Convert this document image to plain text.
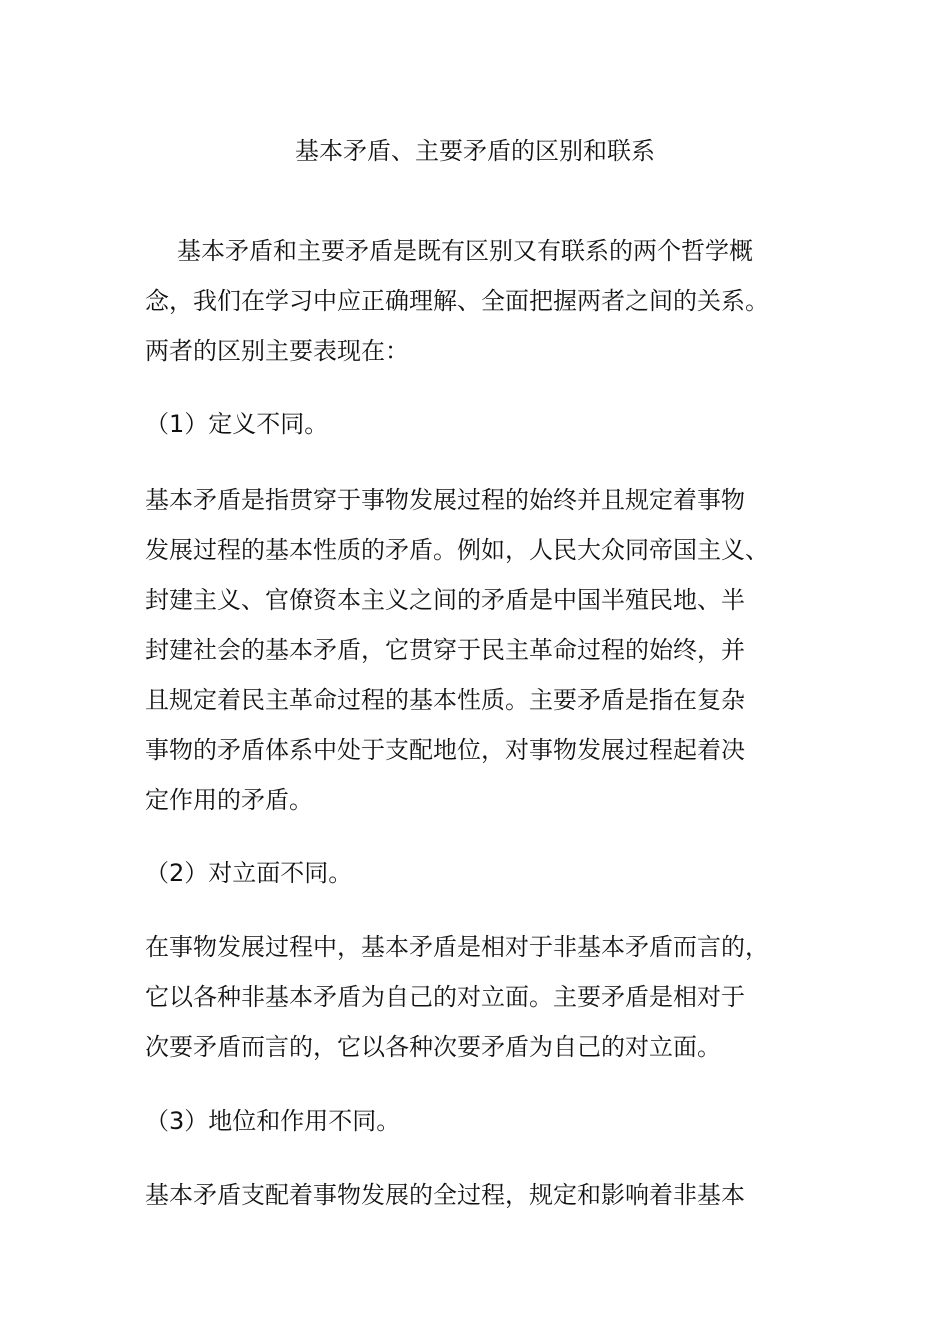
基本矛盾、主要矛盾的区别和联系
基本矛盾和主要矛盾是既有区别又有联系的两个哲学概
念，我们在学习中应正确理解、全面把握两者之间的关系。
两者的区别主要表现在：
（1）定义不同。
基本矛盾是指贯穿于事物发展过程的始终并且规定着事物
发展过程的基本性质的矛盾。例如，人民大众同帝国主义、
封建主义、官僚资本主义之间的矛盾是中国半殖民地、半
封建社会的基本矛盾，它贯穿于民主革命过程的始终，并
且规定着民主革命过程的基本性质。主要矛盾是指在复杂
事物的矛盾体系中处于支配地位，对事物发展过程起着决
定作用的矛盾。
（2）对立面不同。
在事物发展过程中，基本矛盾是相对于非基本矛盾而言的，
它以各种非基本矛盾为自己的对立面。主要矛盾是相对于
次要矛盾而言的，它以各种次要矛盾为自己的对立面。
（3）地位和作用不同。
基本矛盾支配着事物发展的全过程，规定和影响着非基本
